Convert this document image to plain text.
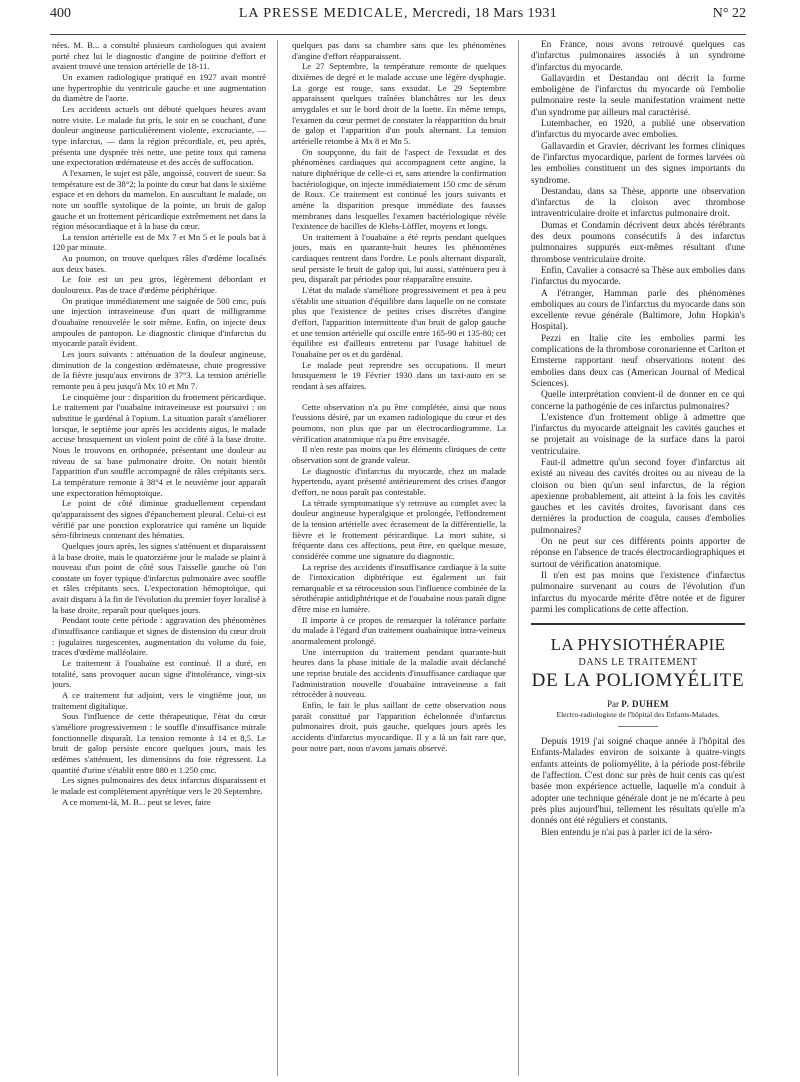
400	LA PRESSE MEDICALE, Mercredi, 18 Mars 1931	N° 22

nées. M. B... a consulté plusieurs cardiologues qui avaient porté chez lui le diagnostic d'angine de poitrine d'effort et avaient trouvé une tension artérielle de 18-11.

Un examen radiologique pratiqué en 1927 avait montré une hypertrophie du ventricule gauche et une augmentation du diamètre de l'aorte.

Les accidents actuels ont débuté quelques heures avant notre visite. Le malade fut pris, le soir en se couchant, d'une douleur angineuse particulièrement violente, excruciante, — type infarctus, — dans la région précordiale, et, peu après, présenta une dyspnée très nette, une petite toux qui ramena une expectoration œdémateuse et des accès de suffocation.

A l'examen, le sujet est pâle, angoissé, couvert de sueur. Sa température est de 38°2; la pointe du cœur bat dans le sixième espace et en dehors du mamelon. En auscultant le malade, on note un souffle systolique de la pointe, un bruit de galop gauche et un frottement péricardique extrêmement net dans la région mésocardiaque et à la base du cœur.

La tension artérielle est de Mx 7 et Mn 5 et le pouls bat à 120 par minute.

Au poumon, on trouve quelques râles d'œdème localisés aux deux bases.

Le foie est un peu gros, légèrement débordant et douloureux. Pas de trace d'œdème périphérique.

On pratique immédiatement une saignée de 500 cmc, puis une injection intraveineuse d'un quart de milligramme d'ouabaïne renouvelée le soir même. Enfin, on injecte deux ampoules de pantopon. Le diagnostic clinique d'infarctus du myocarde paraît évident.

Les jours suivants : atténuation de la douleur angineuse, diminution de la congestion œdémateuse, chute progressive de la fièvre jusqu'aux environs de 37°3. La tension artérielle remonte peu à peu jusqu'à Mx 10 et Mn 7.

Le cinquième jour : disparition du frottement péricardique. Le traitement par l'ouabaïne intraveineuse est poursuivi : on substitue le gardénal à l'opium. La situation paraît s'améliorer lorsque, le septième jour après les accidents aigus, le malade accuse brusquement un violent point de côté à la base droite. Nous le trouvons en orthopnée, présentant une douleur au niveau de sa base pulmonaire droite. On notait bientôt l'apparition d'un souffle accompagné de râles crépitants secs. La température remonte à 38°4 et le neuvième jour apparaît une expectoration hémoptoïque.

Le point de côté diminue graduellement cependant qu'apparaissent des signes d'épanchement pleural. Celui-ci est vérifié par une ponction exploratrice qui ramène un liquide séro-fibrineux contenant des hématies.

Quelques jours après, les signes s'atténuent et disparaissent à la base droite, mais le quatorzième jour le malade se plaint à nouveau d'un point de côté sous l'aisselle gauche où l'on constate un foyer typique d'infarctus pulmonaire avec souffle et râles crépitants secs. L'expectoration hémoptoïque, qui avait disparu à la fin de l'évolution du premier foyer localisé à la base droite, reparaît pour quelques jours.

Pendant toute cette période : aggravation des phénomènes d'insuffisance cardiaque et signes de distension du cœur droit : jugulaires turgescentes, augmentation du volume du foie, traces d'œdème malléolaire.

Le traitement à l'ouabaïne est continué. Il a duré, en totalité, sans provoquer aucun signe d'intolérance, vingt-six jours.

A ce traitement fut adjoint, vers le vingtième jour, un traitement digitalique.

Sous l'influence de cette thérapeutique, l'état du cœur s'améliore progressivement : le souffle d'insuffisance mitrale fonctionnelle disparaît. La tension remonte à 14 et 8,5. Le bruit de galop persiste encore quelques jours, mais les œdèmes s'atténuent, les dimensions du foie régressent. La quantité d'urine s'établit entre 880 et 1.250 cmc.

Les signes pulmonaires des deux infarctus disparaissent et le malade est complètement apyrétique vers le 20 Septembre.

A ce moment-là, M. B... peut se lever, faire

quelques pas dans sa chambre sans que les phénomènes d'angine d'effort réapparaissent.

Le 27 Septembre, la température remonte de quelques dixièmes de degré et le malade accuse une légère dysphagie. La gorge est rouge, sans exsudat. Le 29 Septembre apparaissent quelques traînées blanchâtres sur les deux amygdales et sur le bord droit de la luette. En même temps, l'examen du cœur permet de constater la réapparition du bruit de galop et l'apparition d'un pouls alternant. La tension artérielle retombe à Mx 8 et Mn 5.

On soupçonne, du fait de l'aspect de l'exsudat et des phénomènes cardiaques qui accompagnent cette angine, la nature diphtérique de celle-ci et, sans attendre la confirmation bactériologique, on injecte immédiatement 150 cmc de sérum de Roux. Ce traitement est continué les jours suivants et amène la disparition presque immédiate des fausses membranes dans lesquelles l'examen bactériologique révèle l'existence de bacilles de Klebs-Löffler, moyens et longs.

Un traitement à l'ouabaïne a été repris pendant quelques jours, mais en quarante-huit heures les phénomènes cardiaques rentrent dans l'ordre. Le pouls alternant disparaît, seul persiste le bruit de galop qui, lui aussi, s'atténuera peu à peu, disparaît par périodes pour réapparaître ensuite.

L'état du malade s'améliore progressivement et peu à peu s'établit une situation d'équilibre dans laquelle on ne constate plus que l'existence de petites crises discrètes d'angine d'effort, l'apparition intermittente d'un bruit de galop gauche et une tension artérielle qui oscille entre 165-90 et 135-80; cet équilibre est d'ailleurs entretenu par l'usage habituel de l'ouabaïne per os et du gardénal.

Le malade peut reprendre ses occupations. Il meurt brusquement le 19 Février 1930 dans un taxi-auto en se rendant à ses affaires.

Cette observation n'a pu être complétée, ainsi que nous l'eussions désiré, par un examen radiologique du cœur et des poumons, non plus que par un électrocardiogramme. La vérification anatomique n'a pu être envisagée.

Il n'en reste pas moins que les éléments cliniques de cette observation sont de grande valeur.

Le diagnostic d'infarctus du myocarde, chez un malade hypertendu, ayant présenté antérieurement des crises d'angor d'effort, ne nous paraît pas contestable.

La tétrade symptomatique s'y retrouve au complet avec la douleur angineuse hyperalgique et prolongée, l'effondrement de la tension artérielle avec écrasement de la différentielle, la fièvre et le frottement péricardique. La mort subite, si fréquente dans ces affections, peut être, en quelque mesure, considérée comme une signature du diagnostic.

La reprise des accidents d'insuffisance cardiaque à la suite de l'intoxication diphtérique est également un fait remarquable et sa rétrocession sous l'influence combinée de la sérothérapie antidiphtérique et de l'ouabaïne nous paraît digne d'être mise en lumière.

Il importe à ce propos de remarquer la tolérance parfaite du malade à l'égard d'un traitement ouabaïnique intra-veineux anormalement prolongé.

Une interruption du traitement pendant quarante-huit heures dans la phase initiale de la maladie avait déclanché une reprise brutale des accidents d'insuffisance cardiaque que l'administration nouvelle d'ouabaïne intraveineuse a fait rétrocéder à nouveau.

Enfin, le fait le plus saillant de cette observation nous paraît constitué par l'apparition échelonnée d'infarctus pulmonaires droit, puis gauche, quelques jours après les accidents d'infarctus myocardique. Il y a là un fait rare que, pour notre part, nous n'avons jamais observé.

En France, nous avons retrouvé quelques cas d'infarctus pulmonaires associés à un syndrome d'infarctus du myocarde.

Gallavardin et Destandau ont décrit la forme emboligène de l'infarctus du myocarde où l'embolie pulmonaire reste la seule manifestation vraiment nette d'un syndrome par ailleurs mal caractérisé.

Lutembacher, en 1920, a publié une observation d'infarctus du myocarde avec embolies.

Gallavardin et Gravier, décrivant les formes cliniques de l'infarctus myocardique, parlent de formes larvées où les embolies constituent un des signes importants du syndrome.

Destandau, dans sa Thèse, apporte une observation d'infarctus de la cloison avec thrombose intraventriculaire droite et infarctus pulmonaire droit.

Dumas et Condamin décrivent deux abcès térébrants des deux poumons consécutifs à des infarctus pulmonaires suppurés eux-mêmes résultant d'une thrombose ventriculaire droite.

Enfin, Cavalier a consacré sa Thèse aux embolies dans l'infarctus du myocarde.

A l'étranger, Hamman parle des phénomènes emboliques au cours de l'infarctus du myocarde dans son excellente revue générale (Baltimore, John Hopkin's Hospital).

Pezzi en Italie cite les embolies parmi les complications de la thrombose coronarienne et Carlton et Ernsterne rapportant neuf observations notent des embolies dans deux cas (American Journal of Medical Sciences).

Quelle interprétation convient-il de donner en ce qui concerne la pathogénie de ces infarctus pulmonaires?

L'existence d'un frottement oblige à admettre que l'infarctus du myocarde atteignait les cavités gauches et se projetait au voisinage de la surface dans la paroi ventriculaire.

Faut-il admettre qu'un second foyer d'infarctus ait existé au niveau des cavités droites ou au niveau de la cloison ou bien qu'un seul infarctus, de la région apexienne probablement, ait atteint à la fois les cavités gauches et les cavités droites, favorisant dans ces dernières la production de coagula, causes d'embolies pulmonaires?

On ne peut sur ces différents points apporter de réponse en l'absence de tracés électrocardiographiques et surtout de vérification anatomique.

Il n'en est pas moins que l'existence d'infarctus pulmonaire survenant au cours de l'évolution d'un infarctus du myocarde mérite d'être notée et de figurer parmi les complications de cette affection.

LA PHYSIOTHÉRAPIE
DANS LE TRAITEMENT
DE LA POLIOMYÉLITE
Par P. DUHEM
Electro-radiologiste de l'hôpital des Enfants-Malades.

Depuis 1919 j'ai soigné chaque année à l'hôpital des Enfants-Malades environ de soixante à quatre-vingts enfants atteints de poliomyélite, à la période post-fébrile de l'affection. C'est donc sur près de huit cents cas qu'est basée mon expérience actuelle, laquelle m'a conduit à adopter une technique générale dont je ne m'écarte à peu près plus aujourd'hui, tellement les résultats qu'elle m'a donnés ont été réguliers et constants.

Bien entendu je n'ai pas à parler ici de la séro-
